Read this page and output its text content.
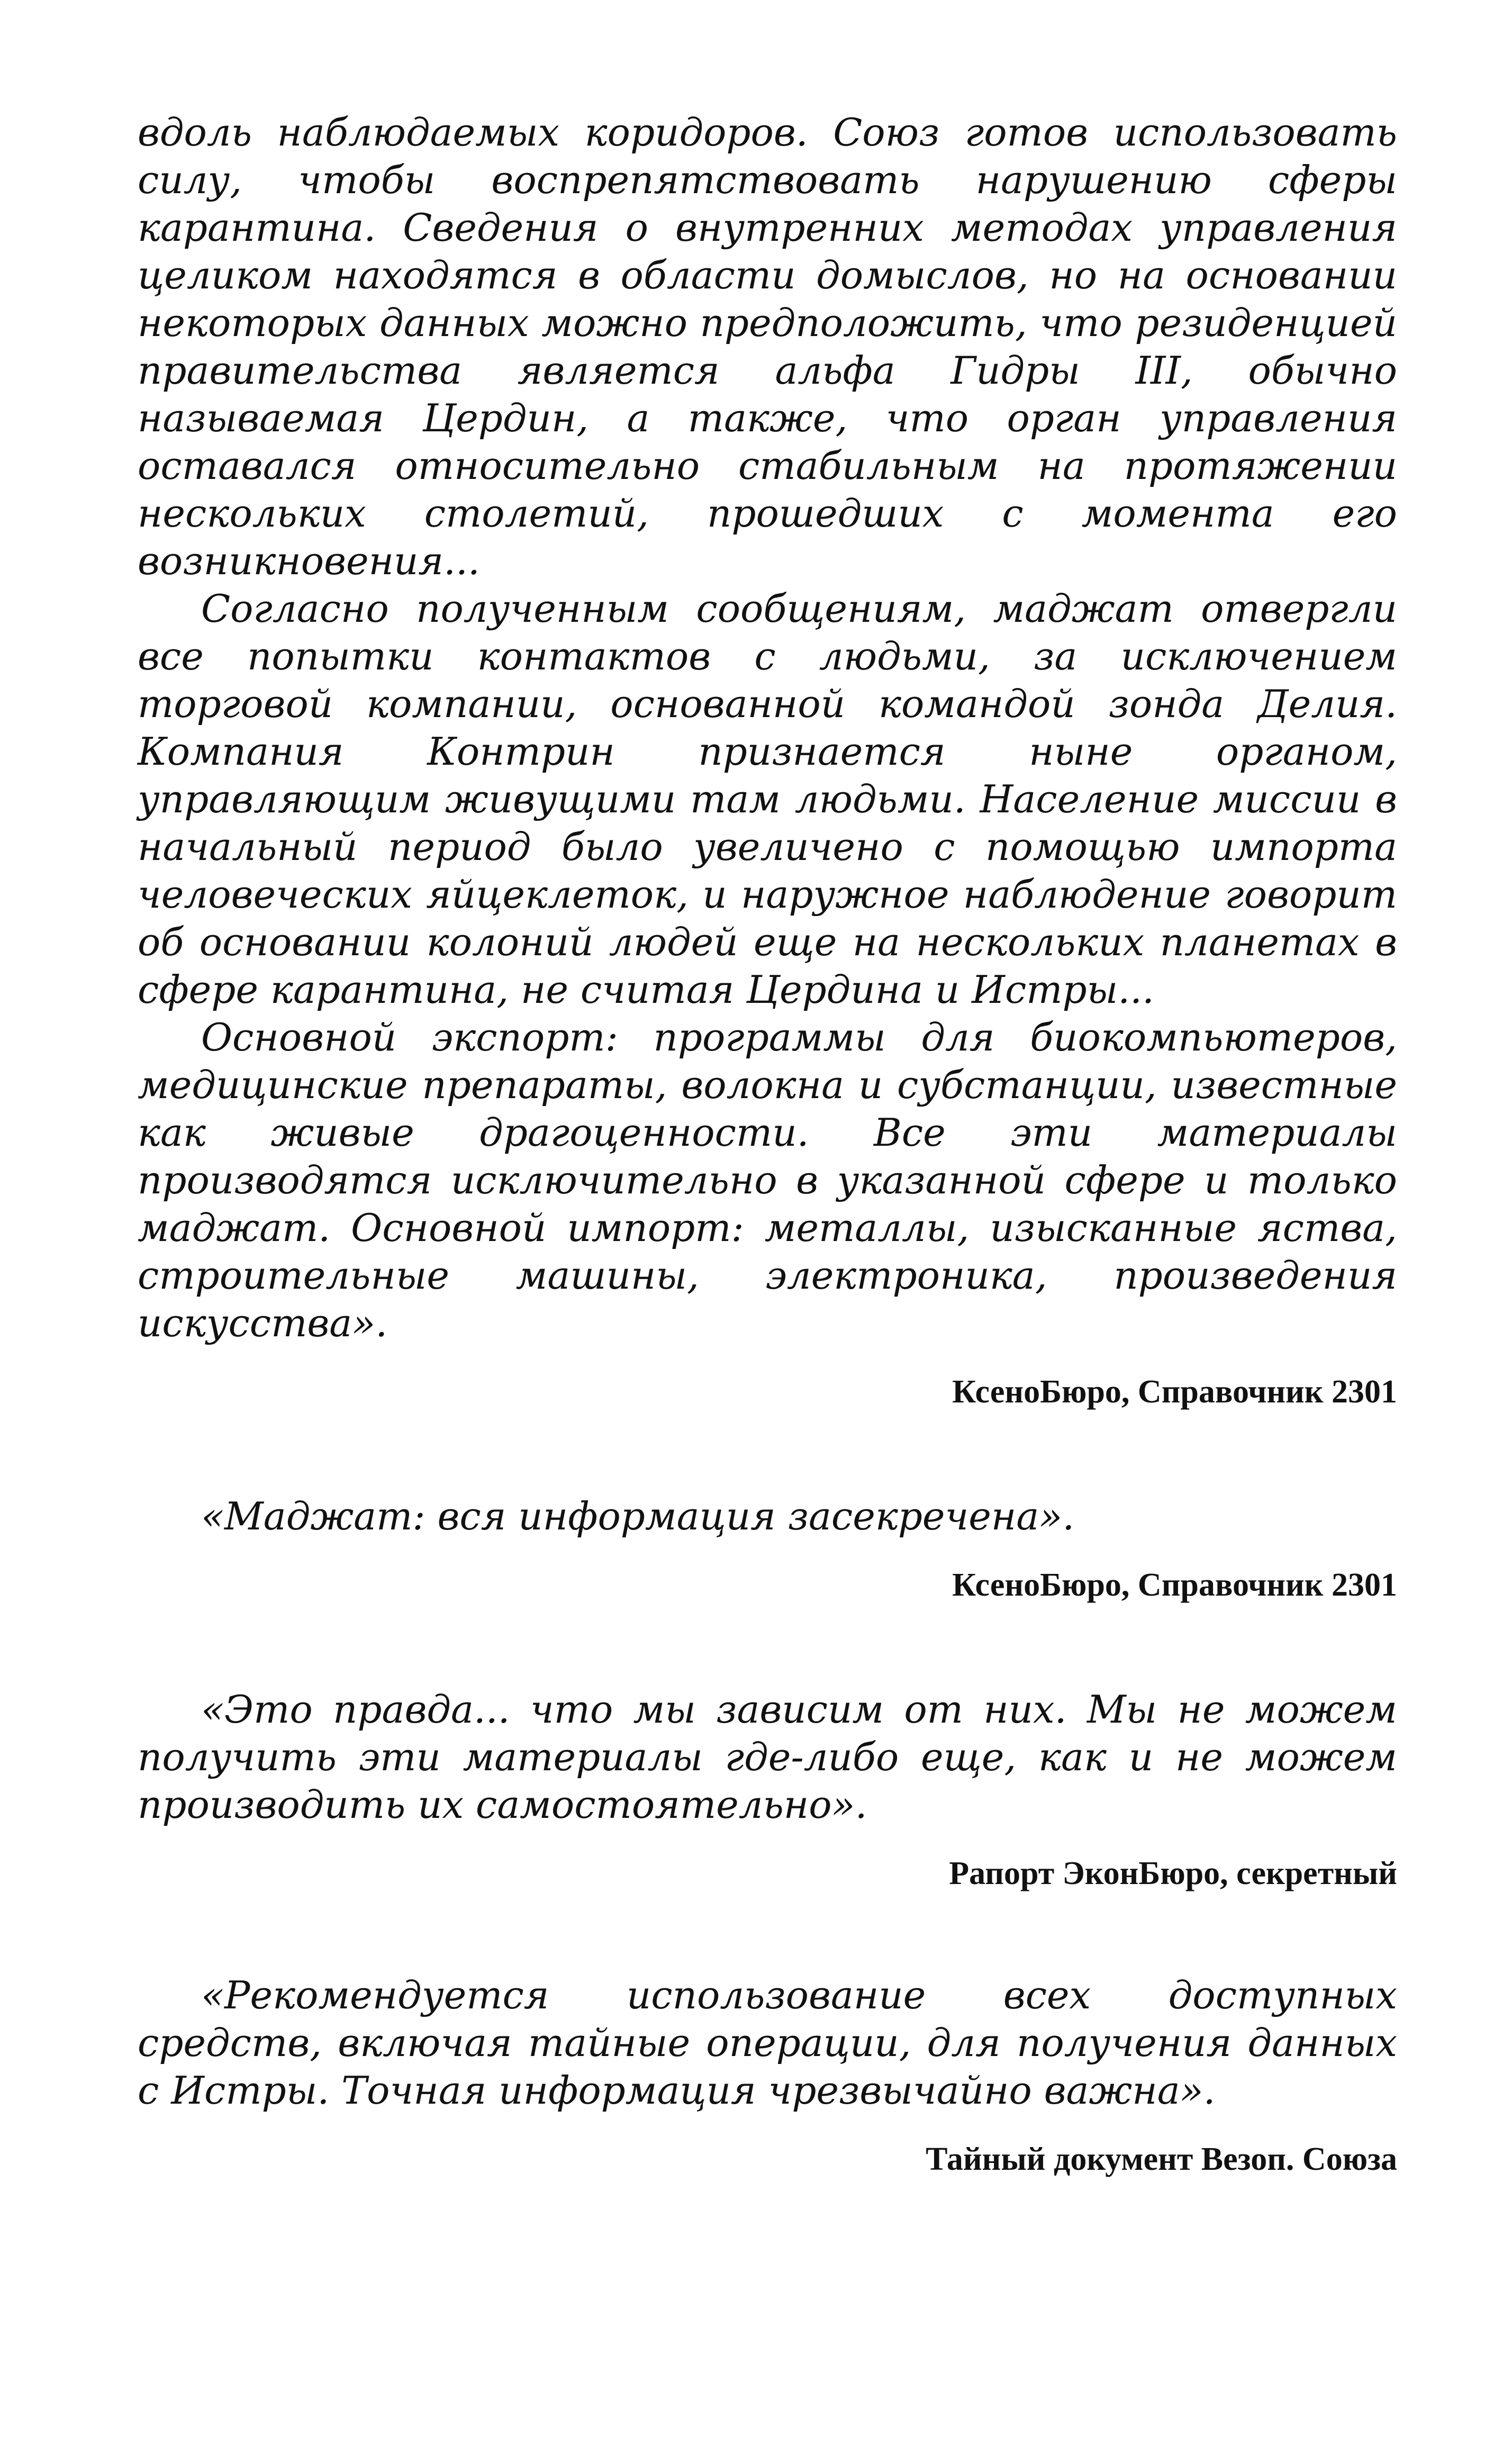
вдоль наблюдаемых коридоров. Союз готов использовать силу, чтобы воспрепятствовать нарушению сферы карантина. Сведения о внутренних методах управления целиком находятся в области домыслов, но на основании некоторых данных можно предположить, что резиденцией правительства является альфа Гидры III, обычно называемая Цердин, а также, что орган управления оставался относительно стабильным на протяжении нескольких столетий, прошедших с момента его возникновения...

Согласно полученным сообщениям, маджат отвергли все попытки контактов с людьми, за исключением торговой компании, основанной командой зонда Делия. Компания Контрин признается ныне органом, управляющим живущими там людьми. Население миссии в начальный период было увеличено с помощью импорта человеческих яйцеклеток, и наружное наблюдение говорит об основании колоний людей еще на нескольких планетах в сфере карантина, не считая Цердина и Истры...

Основной экспорт: программы для биокомпьютеров, медицинские препараты, волокна и субстанции, известные как живые драгоценности. Все эти материалы производятся исключительно в указанной сфере и только маджат. Основной импорт: металлы, изысканные яства, строительные машины, электроника, произведения искусства».

КсеноБюро, Справочник 2301

«Маджат: вся информация засекречена».

КсеноБюро, Справочник 2301

«Это правда... что мы зависим от них. Мы не можем получить эти материалы где-либо еще, как и не можем производить их самостоятельно».

Рапорт ЭконБюро, секретный

«Рекомендуется использование всех доступных средств, включая тайные операции, для получения данных с Истры. Точная информация чрезвычайно важна».

Тайный документ Везоп. Союза
